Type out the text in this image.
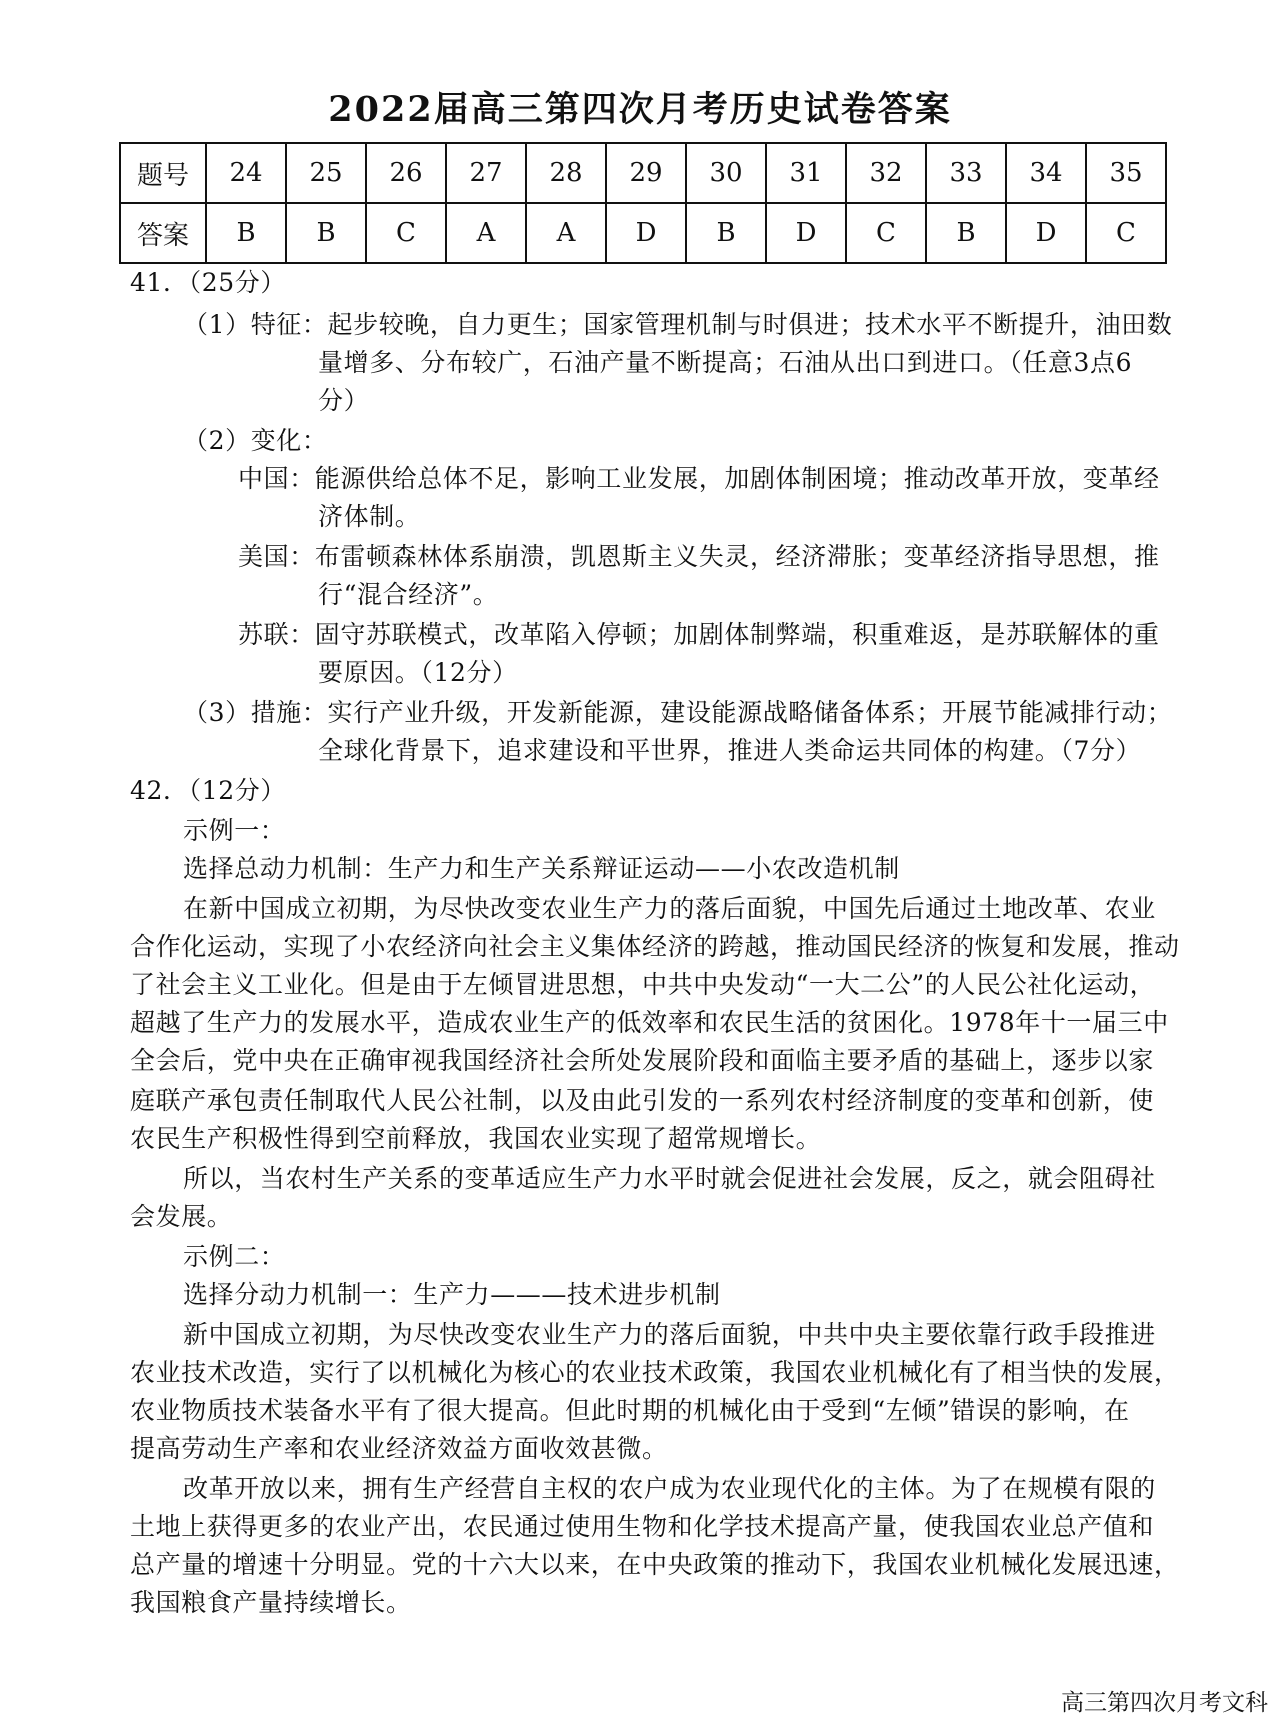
2022届高三第四次月考历史试卷答案
题号	24	25	26	27	28	29	30	31	32	33	34	35
答案	B	B	C	A	A	D	B	D	C	B	D	C
41．（25分）
（1）特征：起步较晚，自力更生；国家管理机制与时俱进；技术水平不断提升，油田数
量增多、分布较广，石油产量不断提高；石油从出口到进口。（任意3点6
分）
（2）变化：
中国：能源供给总体不足，影响工业发展，加剧体制困境；推动改革开放，变革经
济体制。
美国：布雷顿森林体系崩溃，凯恩斯主义失灵，经济滞胀；变革经济指导思想，推
行“混合经济”。
苏联：固守苏联模式，改革陷入停顿；加剧体制弊端，积重难返，是苏联解体的重
要原因。（12分）
（3）措施：实行产业升级，开发新能源，建设能源战略储备体系；开展节能减排行动；
全球化背景下，追求建设和平世界，推进人类命运共同体的构建。（7分）
42．（12分）
示例一：
选择总动力机制：生产力和生产关系辩证运动——小农改造机制
在新中国成立初期，为尽快改变农业生产力的落后面貌，中国先后通过土地改革、农业
合作化运动，实现了小农经济向社会主义集体经济的跨越，推动国民经济的恢复和发展，推动
了社会主义工业化。但是由于左倾冒进思想，中共中央发动“一大二公”的人民公社化运动，
超越了生产力的发展水平，造成农业生产的低效率和农民生活的贫困化。1978年十一届三中
全会后，党中央在正确审视我国经济社会所处发展阶段和面临主要矛盾的基础上，逐步以家
庭联产承包责任制取代人民公社制，以及由此引发的一系列农村经济制度的变革和创新，使
农民生产积极性得到空前释放，我国农业实现了超常规增长。
所以，当农村生产关系的变革适应生产力水平时就会促进社会发展，反之，就会阻碍社
会发展。
示例二：
选择分动力机制一：生产力———技术进步机制
新中国成立初期，为尽快改变农业生产力的落后面貌，中共中央主要依靠行政手段推进
农业技术改造，实行了以机械化为核心的农业技术政策，我国农业机械化有了相当快的发展，
农业物质技术装备水平有了很大提高。但此时期的机械化由于受到“左倾”错误的影响，在
提高劳动生产率和农业经济效益方面收效甚微。
改革开放以来，拥有生产经营自主权的农户成为农业现代化的主体。为了在规模有限的
土地上获得更多的农业产出，农民通过使用生物和化学技术提高产量，使我国农业总产值和
总产量的增速十分明显。党的十六大以来，在中央政策的推动下，我国农业机械化发展迅速，
我国粮食产量持续增长。
高三第四次月考文科
